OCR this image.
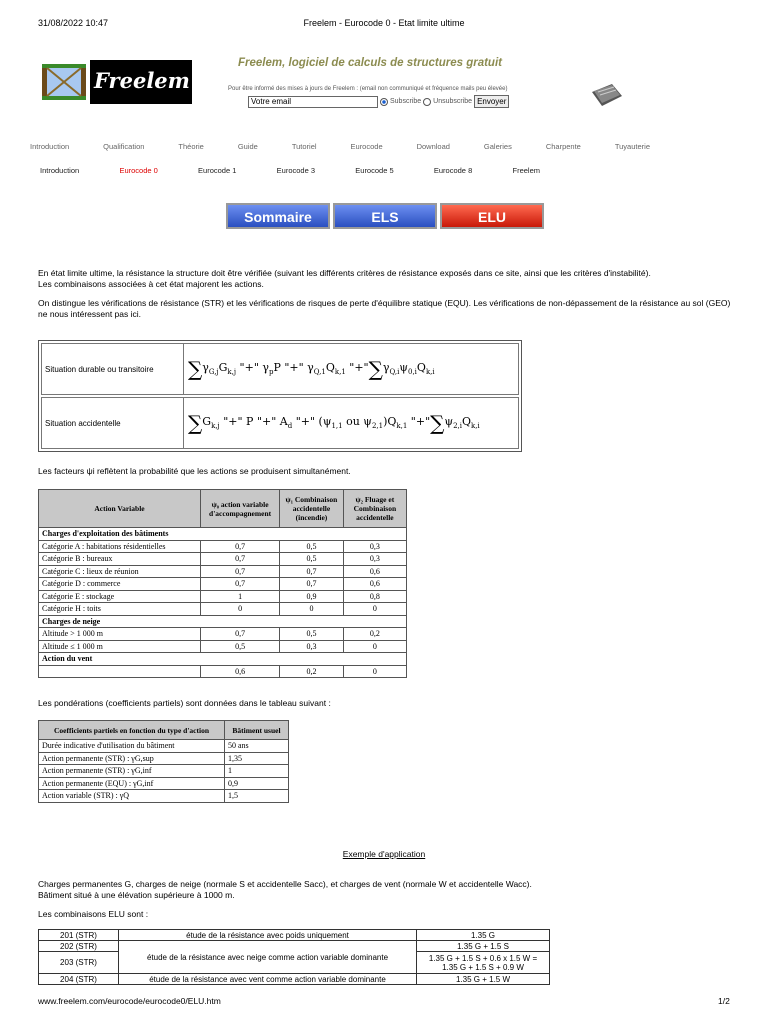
31/08/2022 10:47	Freelem - Eurocode 0 - Etat limite ultime
Freelem
Freelem, logiciel de calculs de structures gratuit
Pour être informé des mises à jours de Freelem : (email non communiqué et fréquence mails peu élevée)
Votre email
Subscribe Unsubscribe Envoyer
Introduction	Qualification	Théorie	Guide	Tutoriel	Eurocode	Download	Galeries	Charpente	Tuyauterie
Introduction	Eurocode 0	Eurocode 1	Eurocode 3	Eurocode 5	Eurocode 8	Freelem
Sommaire	ELS	ELU
En état limite ultime, la résistance la structure doit être vérifiée (suivant les différents critères de résistance exposés dans ce site, ainsi que les critères d'instabilité).
Les combinaisons associées à cet état majorent les actions.
On distingue les vérifications de résistance (STR) et les vérifications de risques de perte d'équilibre statique (EQU). Les vérifications de non-dépassement de la résistance au sol (GEO) ne nous intéressent pas ici.
Situation durable ou transitoire	∑ $\gamma_{G,j}G_{k,j}$ "+" $\gamma_pP$ "+" $\gamma_{Q,1}Q_{k,1}$ "+" ∑ $\gamma_{Q,i}\psi_{0,i}Q_{k,i}$
Situation accidentelle	∑ $G_{k,j}$ "+" P "+" $A_d$ "+" ($\psi_{1,1}$ ou $\psi_{2,1})Q_{k,1}$ "+" ∑ $\psi_{2,i}Q_{k,i}$
Les facteurs ψi reflètent la probabilité que les actions se produisent simultanément.
Action Variable	ψ₀ action variable d'accompagnement	ψ₁ Combinaison accidentelle (incendie)	ψ₂ Fluage et Combinaison accidentelle
Charges d'exploitation des bâtiments			
Catégorie A : habitations résidentielles	0,7	0,5	0,3
Catégorie B : bureaux	0,7	0,5	0,3
Catégorie C : lieux de réunion	0,7	0,7	0,6
Catégorie D : commerce	0,7	0,7	0,6
Catégorie E : stockage	1	0,9	0,8
Catégorie H : toits	0	0	0
Charges de neige			
Altitude > 1 000 m	0,7	0,5	0,2
Altitude ≤ 1 000 m	0,5	0,3	0
Action du vent			
	0,6	0,2	0
Les pondérations (coefficients partiels) sont données dans le tableau suivant :
Coefficients partiels en fonction du type d'action	Bâtiment usuel
Durée indicative d'utilisation du bâtiment	50 ans
Action permanente (STR) : γG,sup	1,35
Action permanente (STR) : γG,inf	1
Action permanente (EQU) : γG,inf	0,9
Action variable (STR) : γQ	1,5
Exemple d'application
Charges permanentes G, charges de neige (normale S et accidentelle Sacc), et charges de vent (normale W et accidentelle Wacc).
Bâtiment situé à une élévation supérieure à 1000 m.
Les combinaisons ELU sont :
201 (STR)	étude de la résistance avec poids uniquement	1.35 G
202 (STR)	étude de la résistance avec neige comme action variable dominante	1.35 G + 1.5 S
203 (STR)		1.35 G + 1.5 S + 0.6 x 1.5 W = 1.35 G + 1.5 S + 0.9 W
204 (STR)	étude de la résistance avec vent comme action variable dominante	1.35 G + 1.5 W
www.freelem.com/eurocode/eurocode0/ELU.htm	1/2
